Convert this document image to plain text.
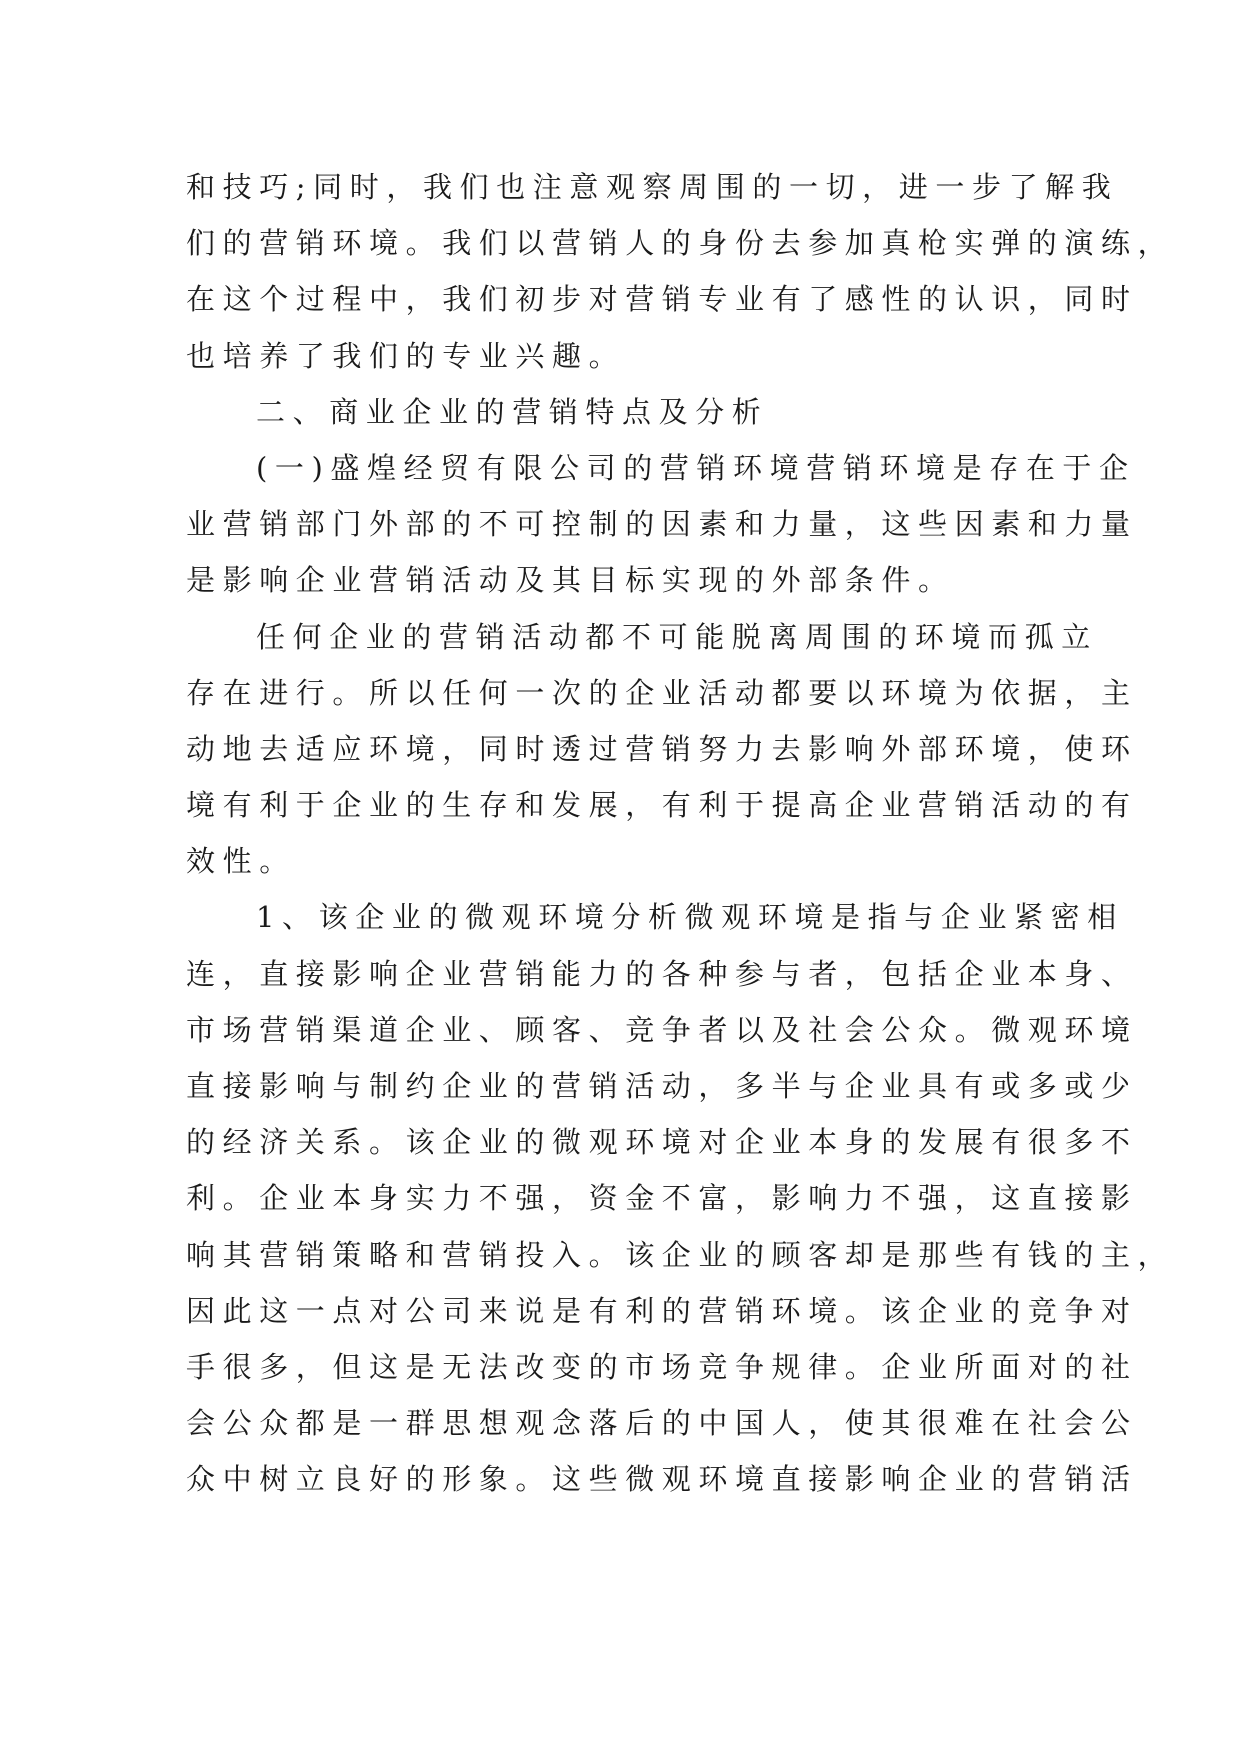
和技巧;同时，我们也注意观察周围的一切，进一步了解我

们的营销环境。我们以营销人的身份去参加真枪实弹的演练，

在这个过程中，我们初步对营销专业有了感性的认识，同时

也培养了我们的专业兴趣。

二、商业企业的营销特点及分析

(一)盛煌经贸有限公司的营销环境营销环境是存在于企

业营销部门外部的不可控制的因素和力量，这些因素和力量

是影响企业营销活动及其目标实现的外部条件。

任何企业的营销活动都不可能脱离周围的环境而孤立

存在进行。所以任何一次的企业活动都要以环境为依据，主

动地去适应环境，同时透过营销努力去影响外部环境，使环

境有利于企业的生存和发展，有利于提高企业营销活动的有

效性。

1、该企业的微观环境分析微观环境是指与企业紧密相

连，直接影响企业营销能力的各种参与者，包括企业本身、

市场营销渠道企业、顾客、竞争者以及社会公众。微观环境

直接影响与制约企业的营销活动，多半与企业具有或多或少

的经济关系。该企业的微观环境对企业本身的发展有很多不

利。企业本身实力不强，资金不富，影响力不强，这直接影

响其营销策略和营销投入。该企业的顾客却是那些有钱的主，

因此这一点对公司来说是有利的营销环境。该企业的竞争对

手很多，但这是无法改变的市场竞争规律。企业所面对的社

会公众都是一群思想观念落后的中国人，使其很难在社会公

众中树立良好的形象。这些微观环境直接影响企业的营销活
